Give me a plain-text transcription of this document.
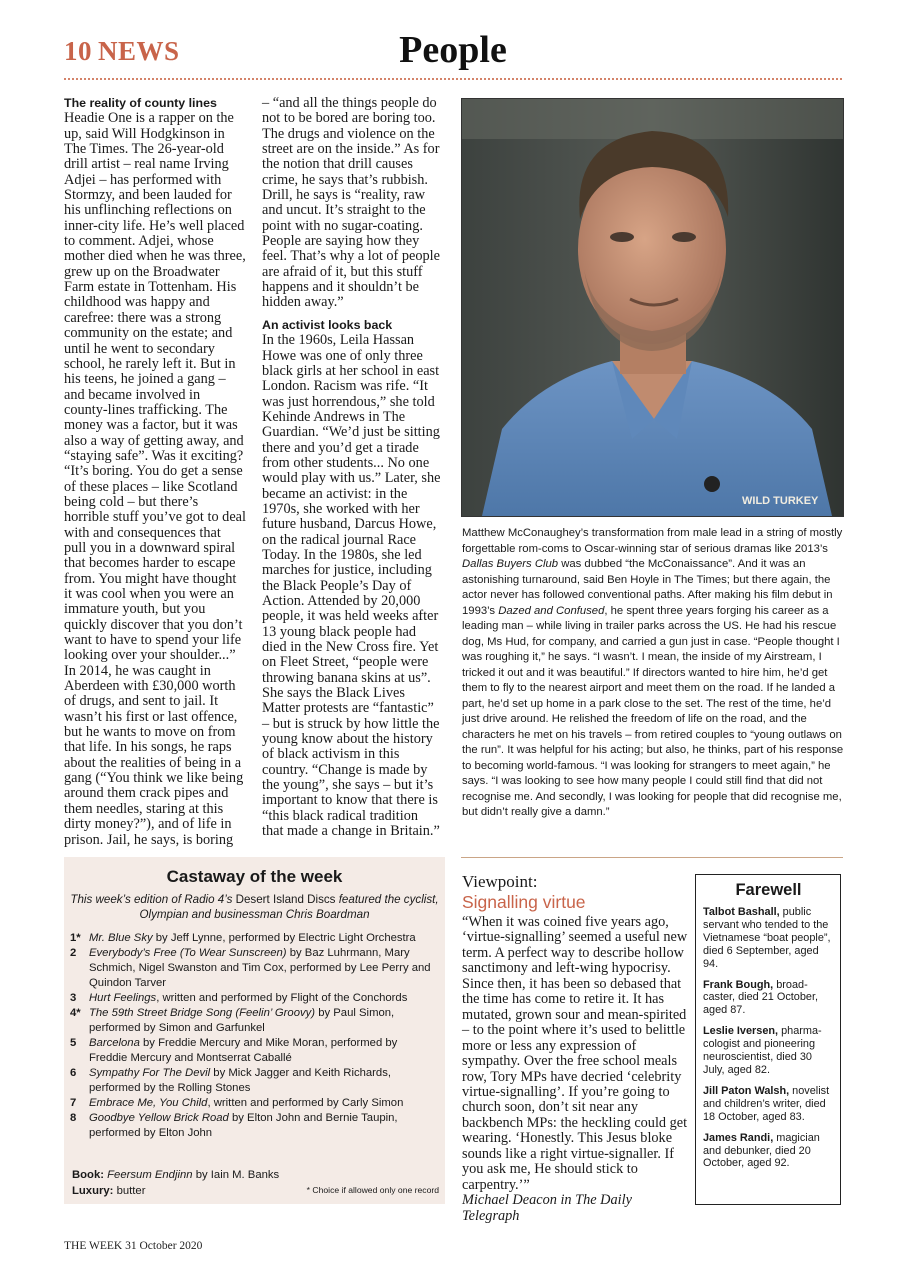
10 NEWS	People
The reality of county lines

Headie One is a rapper on the up, said Will Hodgkinson in The Times. The 26-year-old drill artist – real name Irving Adjei – has performed with Stormzy, and been lauded for his unflinching reflections on inner-city life. He’s well placed to comment. Adjei, whose mother died when he was three, grew up on the Broadwater Farm estate in Tottenham. His childhood was happy and carefree: there was a strong community on the estate; and until he went to secondary school, he rarely left it. But in his teens, he joined a gang – and became involved in county-lines trafficking. The money was a factor, but it was also a way of getting away, and “staying safe”. Was it exciting? “It’s boring. You do get a sense of these places – like Scotland being cold – but there’s horrible stuff you’ve got to deal with and consequences that pull you in a downward spiral that becomes harder to escape from. You might have thought it was cool when you were an immature youth, but you quickly discover that you don’t want to have to spend your life looking over your shoulder...” In 2014, he was caught in Aberdeen with £30,000 worth of drugs, and sent to jail. It wasn’t his first or last offence, but he wants to move on from that life. In his songs, he raps about the realities of being in a gang (“You think we like being around them crack pipes and them needles, staring at this dirty money?”), and of life in prison. Jail, he says, is boring

– “and all the things people do not to be bored are boring too. The drugs and violence on the street are on the inside.” As for the notion that drill causes crime, he says that’s rubbish. Drill, he says is “reality, raw and uncut. It’s straight to the point with no sugar-coating. People are saying how they feel. That’s why a lot of people are afraid of it, but this stuff happens and it shouldn’t be hidden away.”

An activist looks back

In the 1960s, Leila Hassan Howe was one of only three black girls at her school in east London. Racism was rife. “It was just horrendous,” she told Kehinde Andrews in The Guardian. “We’d just be sitting there and you’d get a tirade from other students... No one would play with us.” Later, she became an activist: in the 1970s, she worked with her future husband, Darcus Howe, on the radical journal Race Today. In the 1980s, she led marches for justice, including the Black People’s Day of Action. Attended by 20,000 people, it was held weeks after 13 young black people had died in the New Cross fire. Yet on Fleet Street, “people were throwing banana skins at us”. She says the Black Lives Matter protests are “fantastic” – but is struck by how little the young know about the history of black activism in this country. “Change is made by the young”, she says – but it’s important to know that there is “this black radical tradition that made a change in Britain.”

WILD TURKEY

Matthew McConaughey’s transformation from male lead in a string of mostly forgettable rom-coms to Oscar-winning star of serious dramas like 2013’s Dallas Buyers Club was dubbed “the McConaissance”. And it was an astonishing turnaround, said Ben Hoyle in The Times; but there again, the actor never has followed conventional paths. After making his film debut in 1993’s Dazed and Confused, he spent three years forging his career as a leading man – while living in trailer parks across the US. He had his rescue dog, Ms Hud, for company, and carried a gun just in case. “People thought I was roughing it,” he says. “I wasn’t. I mean, the inside of my Airstream, I tricked it out and it was beautiful.” If directors wanted to hire him, he’d get them to fly to the nearest airport and meet them on the road. If he landed a part, he’d set up home in a park close to the set. The rest of the time, he’d just drive around. He relished the freedom of life on the road, and the characters he met on his travels – from retired couples to “young outlaws on the run”. It was helpful for his acting; but also, he thinks, part of his response to becoming world-famous. “I was looking for strangers to meet again,” he says. “I was looking to see how many people I could still find that did not recognise me. And secondly, I was looking for people that did recognise me, but didn’t really give a damn.”

Castaway of the week
This week’s edition of Radio 4’s Desert Island Discs featured the cyclist, Olympian and businessman Chris Boardman
1* Mr. Blue Sky by Jeff Lynne, performed by Electric Light Orchestra
2	Everybody’s Free (To Wear Sunscreen) by Baz Luhrmann, Mary Schmich, Nigel Swanston and Tim Cox, performed by Lee Perry and Quindon Tarver
3	Hurt Feelings, written and performed by Flight of the Conchords
4* The 59th Street Bridge Song (Feelin’ Groovy) by Paul Simon, performed by Simon and Garfunkel
5	Barcelona by Freddie Mercury and Mike Moran, performed by Freddie Mercury and Montserrat Caballé
6	Sympathy For The Devil by Mick Jagger and Keith Richards, performed by the Rolling Stones
7	Embrace Me, You Child, written and performed by Carly Simon
8	Goodbye Yellow Brick Road by Elton John and Bernie Taupin, performed by Elton John
Book: Feersum Endjinn by Iain M. Banks
Luxury: butter	* Choice if allowed only one record
Viewpoint:
Signalling virtue

“When it was coined five years ago, ‘virtue-signalling’ seemed a useful new term. A perfect way to describe hollow sanctimony and left-wing hypocrisy. Since then, it has been so debased that the time has come to retire it. It has mutated, grown sour and mean-spirited – to the point where it’s used to belittle more or less any expression of sympathy. Over the free school meals row, Tory MPs have decried ‘celebrity virtue-signalling’. If you’re going to church soon, don’t sit near any backbench MPs: the heckling could get wearing. ‘Honestly. This Jesus bloke sounds like a right virtue-signaller. If you ask me, He should stick to carpentry.’”

Michael Deacon in The Daily Telegraph

Farewell
Talbot Bashall, public servant who tended to the Vietnamese “boat people”, died 6 September, aged 94.
Frank Bough, broad-caster, died 21 October, aged 87.
Leslie Iversen, pharma-cologist and pioneering neuroscientist, died 30 July, aged 82.
Jill Paton Walsh, novelist and children’s writer, died 18 October, aged 83.
James Randi, magician and debunker, died 20 October, aged 92.
THE WEEK 31 October 2020
